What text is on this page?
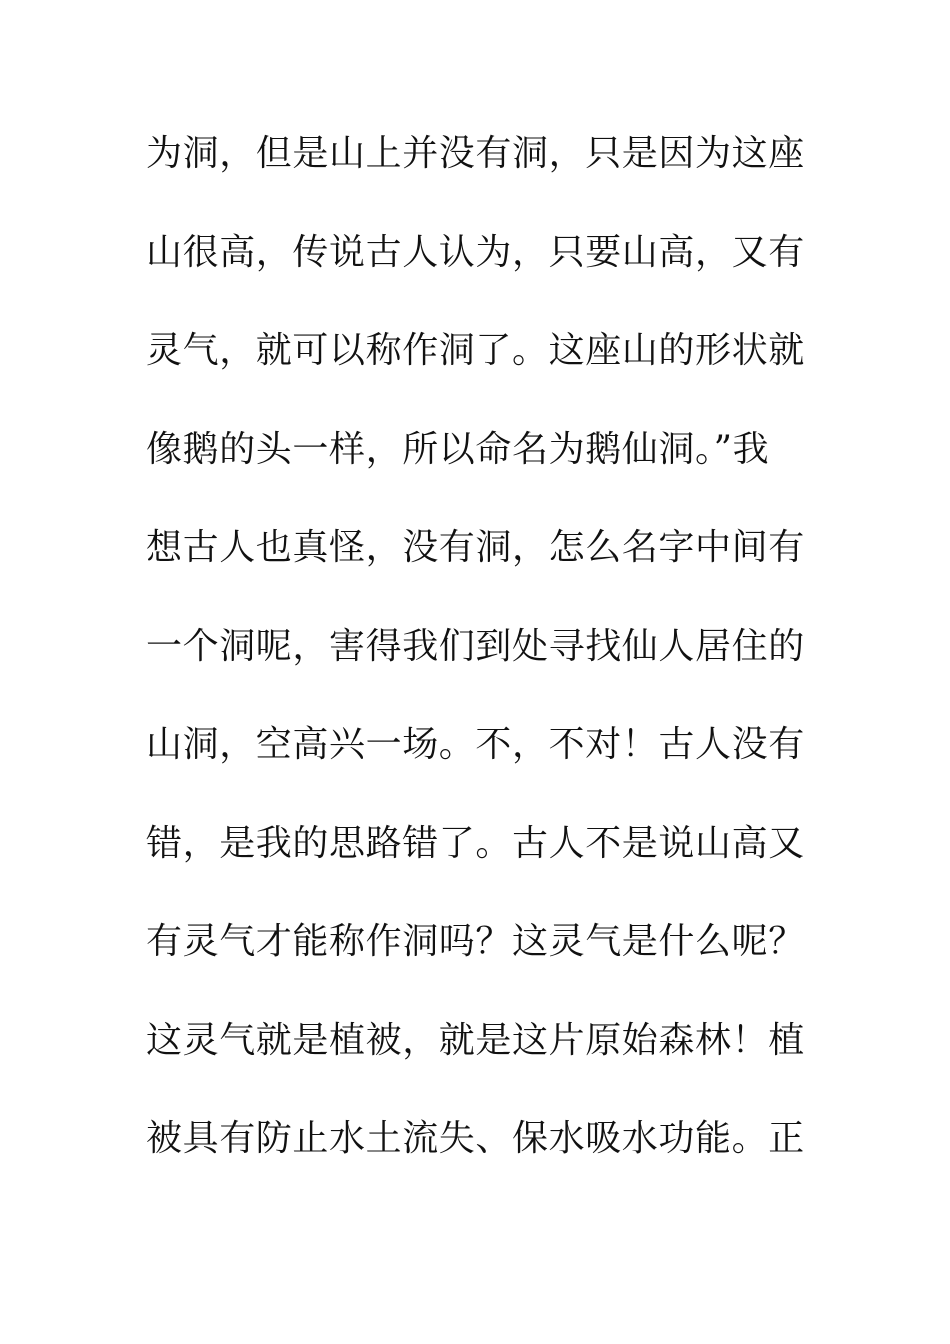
为洞，但是山上并没有洞，只是因为这座
山很高，传说古人认为，只要山高，又有
灵气，就可以称作洞了。这座山的形状就
像鹅的头一样，所以命名为鹅仙洞。”我
想古人也真怪，没有洞，怎么名字中间有
一个洞呢，害得我们到处寻找仙人居住的
山洞，空高兴一场。不，不对！古人没有
错，是我的思路错了。古人不是说山高又
有灵气才能称作洞吗？这灵气是什么呢？
这灵气就是植被，就是这片原始森林！植
被具有防止水土流失、保水吸水功能。正
